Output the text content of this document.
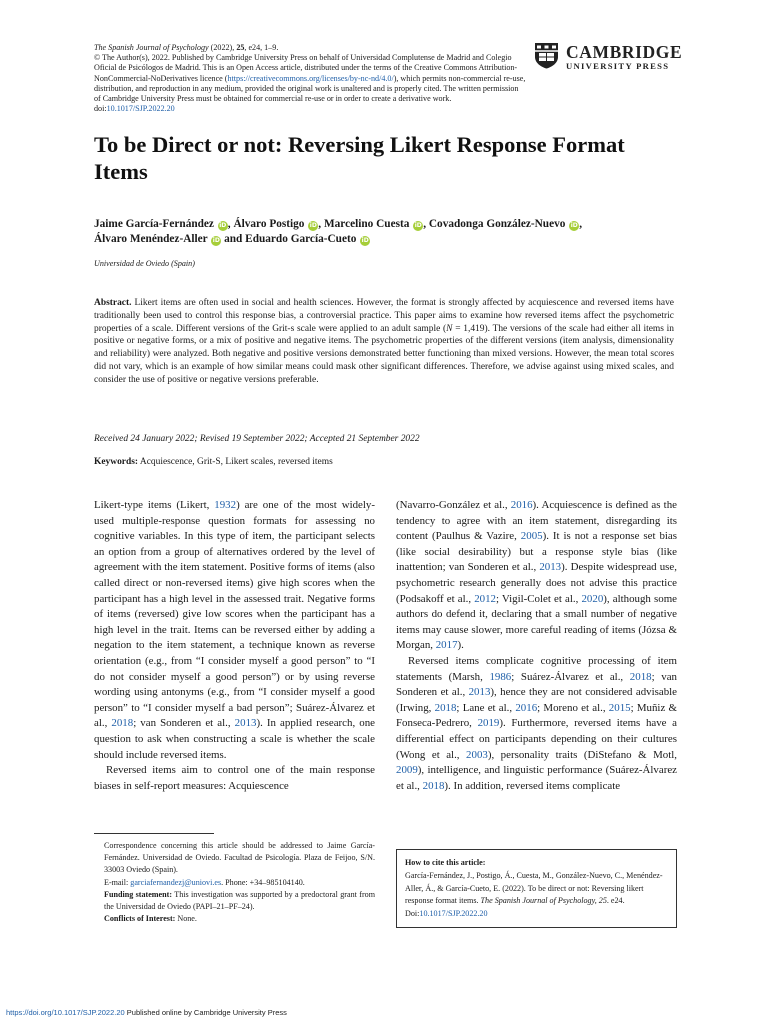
The Spanish Journal of Psychology (2022), 25, e24, 1–9.
© The Author(s), 2022. Published by Cambridge University Press on behalf of Universidad Complutense de Madrid and Colegio Oficial de Psicólogos de Madrid. This is an Open Access article, distributed under the terms of the Creative Commons Attribution-NonCommercial-NoDerivatives licence (https://creativecommons.org/licenses/by-nc-nd/4.0/), which permits non-commercial re-use, distribution, and reproduction in any medium, provided the original work is unaltered and is properly cited. The written permission of Cambridge University Press must be obtained for commercial re-use or in order to create a derivative work.
doi:10.1017/SJP.2022.20
CAMBRIDGE
UNIVERSITY PRESS
To be Direct or not: Reversing Likert Response Format Items
Jaime García-Fernández iD, Álvaro Postigo iD, Marcelino Cuesta iD, Covadonga González-Nuevo iD,
Álvaro Menéndez-Aller iD and Eduardo García-Cueto iD
Universidad de Oviedo (Spain)
Abstract. Likert items are often used in social and health sciences. However, the format is strongly affected by acquiescence and reversed items have traditionally been used to control this response bias, a controversial practice. This paper aims to examine how reversed items affect the psychometric properties of a scale. Different versions of the Grit-s scale were applied to an adult sample (N = 1,419). The versions of the scale had either all items in positive or negative forms, or a mix of positive and negative items. The psychometric properties of the different versions (item analysis, dimensionality and reliability) were analyzed. Both negative and positive versions demonstrated better functioning than mixed versions. However, the mean total scores did not vary, which is an example of how similar means could mask other significant differences. Therefore, we advise against using mixed scales, and consider the use of positive or negative versions preferable.
Received 24 January 2022; Revised 19 September 2022; Accepted 21 September 2022
Keywords: Acquiescence, Grit-S, Likert scales, reversed items

Likert-type items (Likert, 1932) are one of the most widely-used multiple-response question formats for assessing no cognitive variables. In this type of item, the participant selects an option from a group of alternatives ordered by the level of agreement with the item statement. Positive forms of items (also called direct or non-reversed items) give high scores when the participant has a high level in the assessed trait. Negative forms of items (reversed) give low scores when the participant has a high level in the trait. Items can be reversed either by adding a negation to the item statement, a technique known as reverse orientation (e.g., from “I consider myself a good person” to “I do not consider myself a good person”) or by using reverse wording using antonyms (e.g., from “I consider myself a good person” to “I consider myself a bad person”; Suárez-Álvarez et al., 2018; van Sonderen et al., 2013). In applied research, one question to ask when constructing a scale is whether the scale should include reversed items.

Reversed items aim to control one of the main response biases in self-report measures: Acquiescence

(Navarro-González et al., 2016). Acquiescence is defined as the tendency to agree with an item statement, disregarding its content (Paulhus & Vazire, 2005). It is not a response set bias (like social desirability) but a response style bias (like inattention; van Sonderen et al., 2013). Despite widespread use, psychometric research generally does not advise this practice (Podsakoff et al., 2012; Vigil-Colet et al., 2020), although some authors do defend it, declaring that a small number of negative items may cause slower, more careful reading of items (Józsa & Morgan, 2017).

Reversed items complicate cognitive processing of item statements (Marsh, 1986; Suárez-Álvarez et al., 2018; van Sonderen et al., 2013), hence they are not considered advisable (Irwing, 2018; Lane et al., 2016; Moreno et al., 2015; Muñiz & Fonseca-Pedrero, 2019). Furthermore, reversed items have a differential effect on participants depending on their cultures (Wong et al., 2003), personality traits (DiStefano & Motl, 2009), intelligence, and linguistic performance (Suárez-Álvarez et al., 2018). In addition, reversed items complicate

Correspondence concerning this article should be addressed to Jaime García-Fernández. Universidad de Oviedo. Facultad de Psicología. Plaza de Feijoo, S/N. 33003 Oviedo (Spain).
E-mail: garciafernandezj@uniovi.es. Phone: +34–985104140.
Funding statement: This investigation was supported by a predoctoral grant from the Universidad de Oviedo (PAPI–21–PF–24).
Conflicts of Interest: None.
How to cite this article:
García-Fernández, J., Postigo, Á., Cuesta, M., González-Nuevo, C., Menéndez-Aller, Á., & García-Cueto, E. (2022). To be direct or not: Reversing likert response format items. The Spanish Journal of Psychology, 25. e24. Doi:10.1017/SJP.2022.20
https://doi.org/10.1017/SJP.2022.20 Published online by Cambridge University Press
